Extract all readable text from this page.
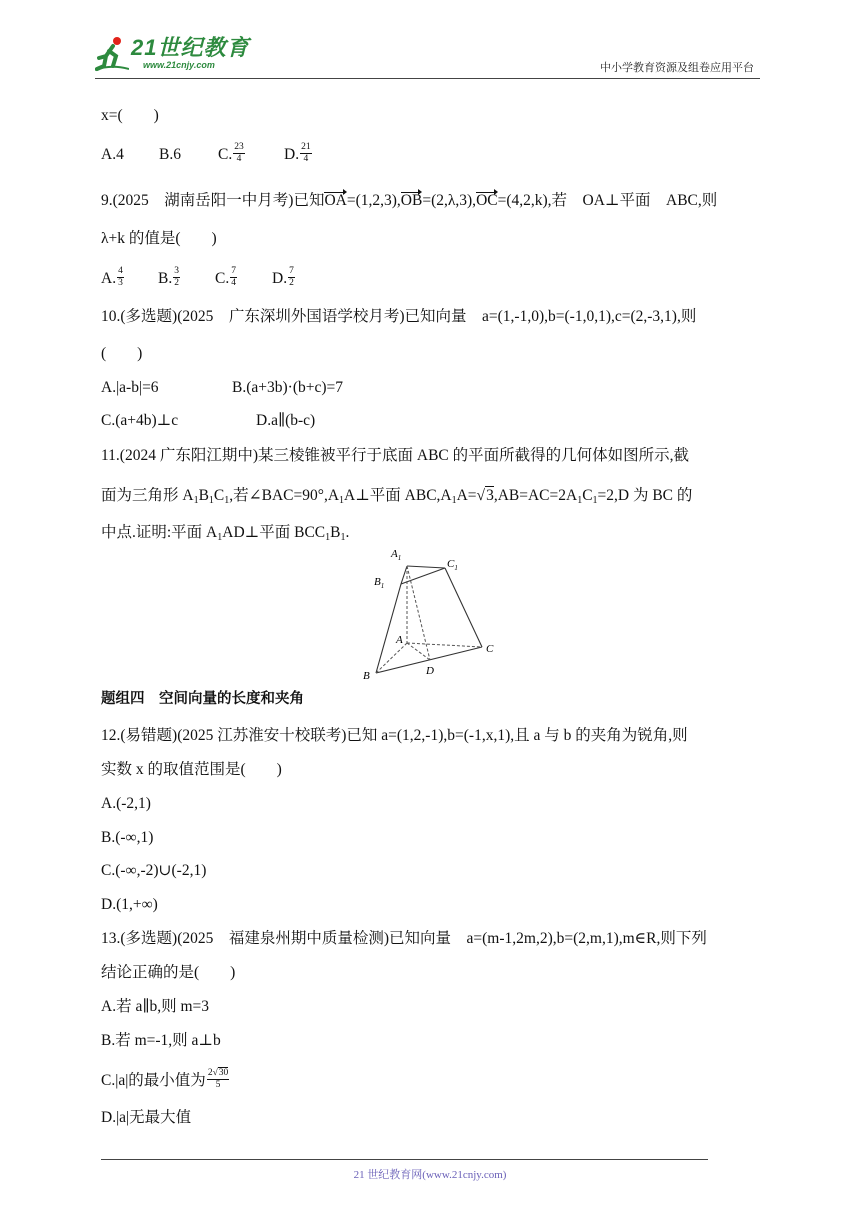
21世纪教育
www.21cnjy.com	中小学教育资源及组卷应用平台
x=(　　)
A.4 B.6 C. $\frac{23}{4}$	D. $\frac{21}{4}$
9.(2025　湖南岳阳一中月考)已知OA=(1,2,3),OB=(2,λ,3),OC=(4,2,k),若　OA⊥平面　ABC,则
λ+k 的值是(　　)
A. $\frac{4}{3} B$. $\frac{3}{2} C$. $\frac{7}{4} D$. $\frac{7}{2}$
10.(多选题)(2025　广东深圳外国语学校月考)已知向量　a=(1,-1,0),b=(-1,0,1),c=(2,-3,1),则
(　　)
A.|a-b|=6	B.(a+3b)·(b+c)=7
C.(a+4b)⊥c	D.a∥(b-c)
11.(2024 广东阳江期中)某三棱锥被平行于底面 ABC 的平面所截得的几何体如图所示,截
面为三角形 $A_1B_1C_1$,若$\angle BAC=90^\circ,A_1A\perp$平面 $ABC,A_1A=√3,AB=AC=2A_1C_1=2,D$ 为 BC 的
中点.证明:平面 $A_1AD\perp$平面 $BCC_1B_1$.
$A_1$
$B_1$
$C_1$
A
B
C
D
题组四　空间向量的长度和夹角
12.(易错题)(2025 江苏淮安十校联考)已知 a=(1,2,-1),b=(-1,x,1),且 a 与 b 的夹角为锐角,则
实数 x 的取值范围是(　　)
A.(-2,1)
B.(-∞,1)
C.(-∞,-2)∪(-2,1)
D.(1,+∞)
13.(多选题)(2025　福建泉州期中质量检测)已知向量　a=(m-1,2m,2),b=(2,m,1),m∈R,则下列
结论正确的是(　　)
A.若 a∥b,则 m=3
B.若 m=-1,则 a⊥b
C.|a|的最小值为 $\frac{2√30}{5}$
D.|a|无最大值
21 世纪教育网(www.21cnjy.com)
